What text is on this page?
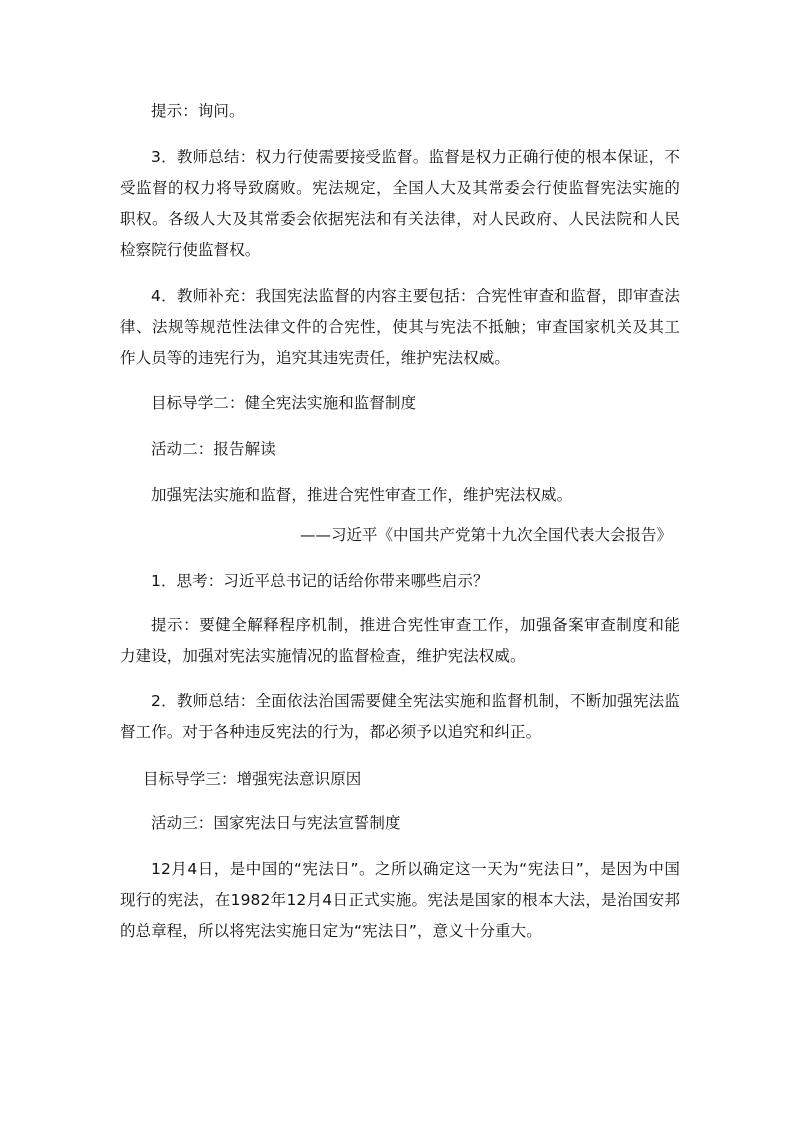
提示：询问。

3．教师总结：权力行使需要接受监督。监督是权力正确行使的根本保证，不受监督的权力将导致腐败。宪法规定，全国人大及其常委会行使监督宪法实施的职权。各级人大及其常委会依据宪法和有关法律，对人民政府、人民法院和人民检察院行使监督权。

4．教师补充：我国宪法监督的内容主要包括：合宪性审查和监督，即审查法律、法规等规范性法律文件的合宪性，使其与宪法不抵触；审查国家机关及其工作人员等的违宪行为，追究其违宪责任，维护宪法权威。

目标导学二：健全宪法实施和监督制度

活动二：报告解读

加强宪法实施和监督，推进合宪性审查工作，维护宪法权威。

——习近平《中国共产党第十九次全国代表大会报告》

1．思考：习近平总书记的话给你带来哪些启示？

提示：要健全解释程序机制，推进合宪性审查工作，加强备案审查制度和能力建设，加强对宪法实施情况的监督检查，维护宪法权威。

2．教师总结：全面依法治国需要健全宪法实施和监督机制，不断加强宪法监督工作。对于各种违反宪法的行为，都必须予以追究和纠正。

目标导学三：增强宪法意识原因

活动三：国家宪法日与宪法宣誓制度

12月4日，是中国的“宪法日”。之所以确定这一天为“宪法日”，是因为中国现行的宪法，在1982年12月4日正式实施。宪法是国家的根本大法，是治国安邦的总章程，所以将宪法实施日定为“宪法日”，意义十分重大。
